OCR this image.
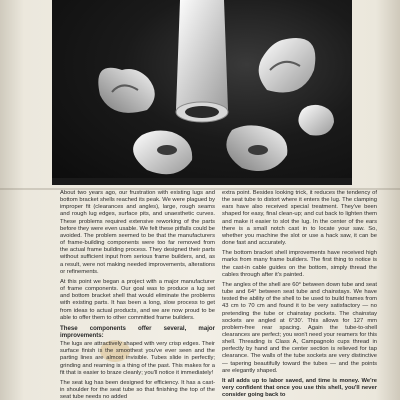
About two years ago, our frustration with existing lugs and bottom bracket shells reached its peak. We were plagued by improper fit (clearances and angles), large, rough seams and rough lug edges, surface pits, and unaesthetic curves. These problems required extensive reworking of the parts before they were even usable. We felt these pitfalls could be avoided. The problem seemed to be that the manufacturers of frame-building components were too far removed from the actual frame building process. They designed their parts without sufficient input from serious frame builders, and, as a result, were not making needed improvements, alterations or refinements.

At this point we began a project with a major manufacturer of frame components. Our goal was to produce a lug set and bottom bracket shell that would eliminate the problems with existing parts. It has been a long, slow process to get from ideas to actual products, and we are now proud to be able to offer them to other committed frame builders.

These components offer several, major improvements:

The lugs are attractively shaped with very crisp edges. Their surface finish is the smoothest you've ever seen and the parting lines are almost invisible. Tubes slide in perfectly; grinding and reaming is a thing of the past. This makes for a fit that is easier to braze cleanly; you'll notice it immediately!

The seat lug has been designed for efficiency. It has a cast-in shoulder for the seat tube so that finishing the top of the seat tube needs no added

extra point. Besides looking trick, it reduces the tendency of the seat tube to distort where it enters the lug. The clamping ears have also received special treatment. They've been shaped for easy, final clean-up; and cut back to lighten them and make it easier to slot the lug. In the center of the ears there is a small notch cast in to locate your saw. So, whether you machine the slot or use a hack saw, it can be done fast and accurately.

The bottom bracket shell improvements have received high marks from many frame builders. The first thing to notice is the cast-in cable guides on the bottom, simply thread the cables through after it's painted.

The angles of the shell are 60° between down tube and seat tube and 64° between seat tube and chainstays. We have tested the ability of the shell to be used to build frames from 43 cm to 70 cm and found it to be very satisfactory — no pretending the tube or chainstay pockets. The chainstay sockets are angled at 6°30'. This allows for 127 mm problem-free rear spacing. Again the tube-to-shell clearances are perfect; you won't need your reamers for this shell. Threading is Class A, Campagnolo cups thread in perfectly by hand and the center section is relieved for tap clearance. The walls of the tube sockets are very distinctive — tapering beautifully toward the tubes — and the points are elegantly shaped.

It all adds up to labor saved, and time is money. We're very confident that once you use this shell, you'll never consider going back to
